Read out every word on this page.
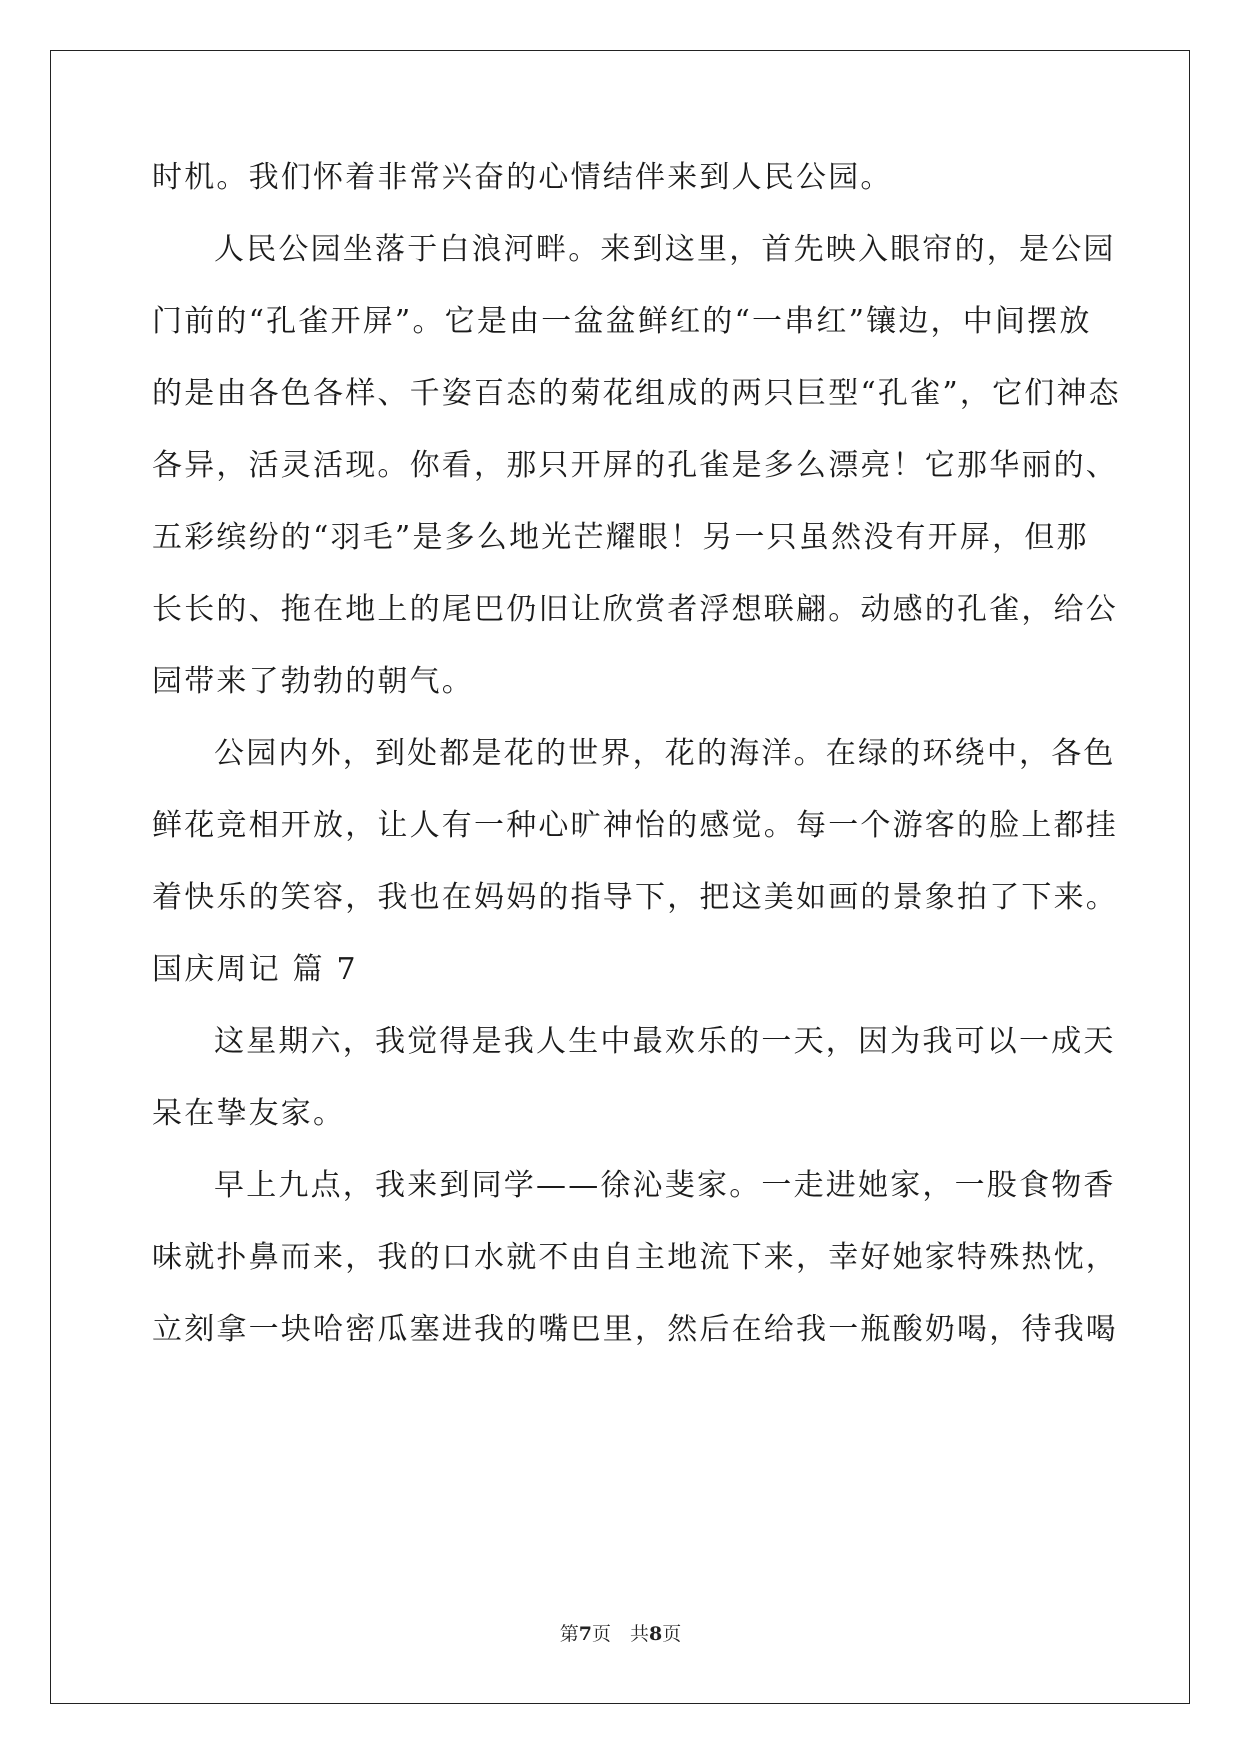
时机。我们怀着非常兴奋的心情结伴来到人民公园。
人民公园坐落于白浪河畔。来到这里，首先映入眼帘的，是公园
门前的“孔雀开屏”。它是由一盆盆鲜红的“一串红”镶边，中间摆放
的是由各色各样、千姿百态的菊花组成的两只巨型“孔雀”，它们神态
各异，活灵活现。你看，那只开屏的孔雀是多么漂亮！它那华丽的、
五彩缤纷的“羽毛”是多么地光芒耀眼！另一只虽然没有开屏，但那
长长的、拖在地上的尾巴仍旧让欣赏者浮想联翩。动感的孔雀，给公
园带来了勃勃的朝气。
公园内外，到处都是花的世界，花的海洋。在绿的环绕中，各色
鲜花竞相开放，让人有一种心旷神怡的感觉。每一个游客的脸上都挂
着快乐的笑容，我也在妈妈的指导下，把这美如画的景象拍了下来。
国庆周记 篇 7
这星期六，我觉得是我人生中最欢乐的一天，因为我可以一成天
呆在挚友家。
早上九点，我来到同学——徐沁斐家。一走进她家，一股食物香
味就扑鼻而来，我的口水就不由自主地流下来，幸好她家特殊热忱，
立刻拿一块哈密瓜塞进我的嘴巴里，然后在给我一瓶酸奶喝，待我喝
第7页　共8页
